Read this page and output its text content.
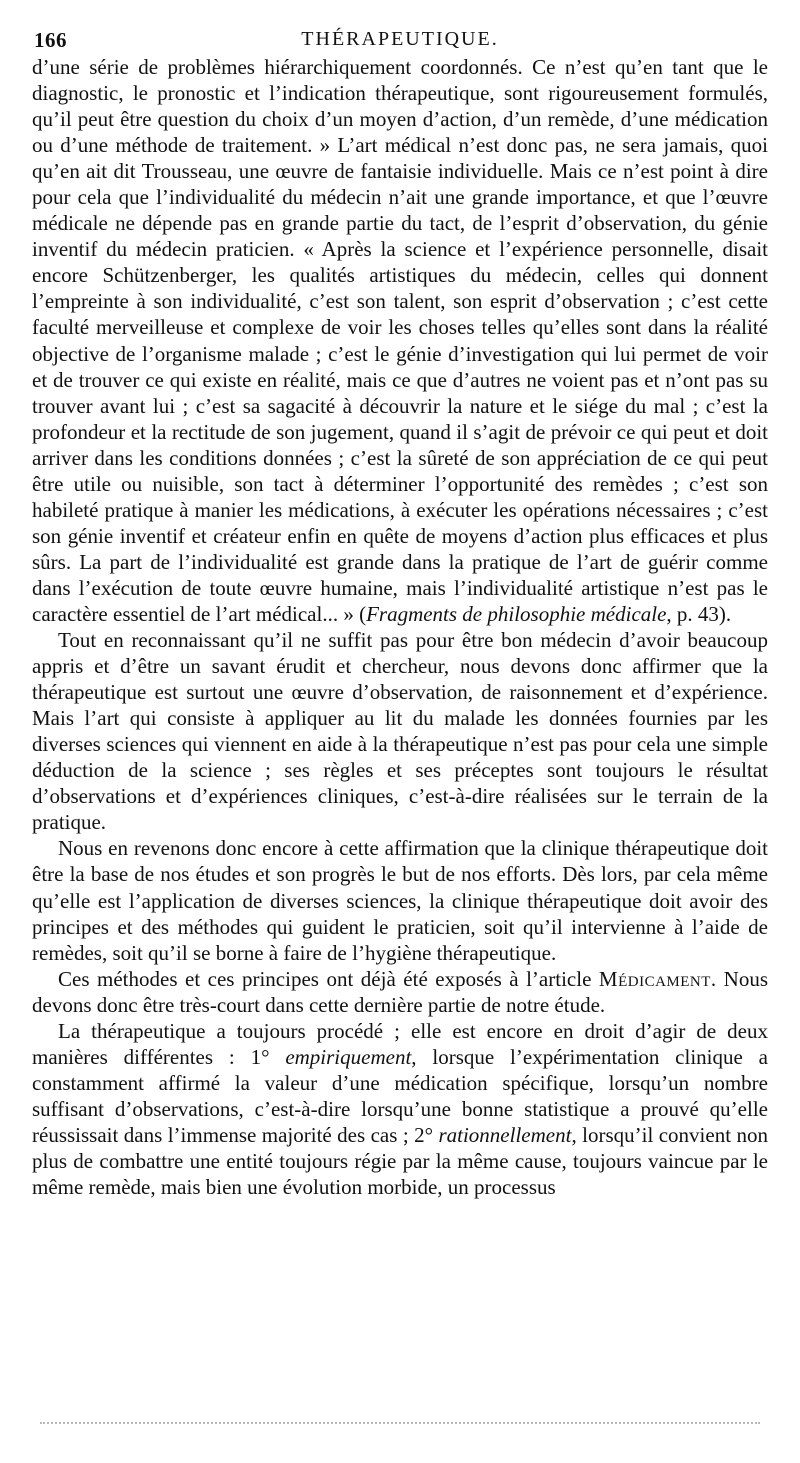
166	THÉRAPEUTIQUE.

d’une série de problèmes hiérarchiquement coordonnés. Ce n’est qu’en tant que le diagnostic, le pronostic et l’indication thérapeutique, sont rigoureusement formulés, qu’il peut être question du choix d’un moyen d’action, d’un remède, d’une médication ou d’une méthode de traitement. » L’art médical n’est donc pas, ne sera jamais, quoi qu’en ait dit Trousseau, une œuvre de fantaisie individuelle. Mais ce n’est point à dire pour cela que l’individualité du médecin n’ait une grande importance, et que l’œuvre médicale ne dépende pas en grande partie du tact, de l’esprit d’observation, du génie inventif du médecin praticien. « Après la science et l’expérience personnelle, disait encore Schützenberger, les qualités artistiques du médecin, celles qui donnent l’empreinte à son individualité, c’est son talent, son esprit d’observation ; c’est cette faculté merveilleuse et complexe de voir les choses telles qu’elles sont dans la réalité objective de l’organisme malade ; c’est le génie d’investigation qui lui permet de voir et de trouver ce qui existe en réalité, mais ce que d’autres ne voient pas et n’ont pas su trouver avant lui ; c’est sa sagacité à découvrir la nature et le siége du mal ; c’est la profondeur et la rectitude de son jugement, quand il s’agit de prévoir ce qui peut et doit arriver dans les conditions données ; c’est la sûreté de son appréciation de ce qui peut être utile ou nuisible, son tact à déterminer l’opportunité des remèdes ; c’est son habileté pratique à manier les médications, à exécuter les opérations nécessaires ; c’est son génie inventif et créateur enfin en quête de moyens d’action plus efficaces et plus sûrs. La part de l’individualité est grande dans la pratique de l’art de guérir comme dans l’exécution de toute œuvre humaine, mais l’individualité artistique n’est pas le caractère essentiel de l’art médical... » (Fragments de philosophie médicale, p. 43).

Tout en reconnaissant qu’il ne suffit pas pour être bon médecin d’avoir beaucoup appris et d’être un savant érudit et chercheur, nous devons donc affirmer que la thérapeutique est surtout une œuvre d’observation, de raisonnement et d’expérience. Mais l’art qui consiste à appliquer au lit du malade les données fournies par les diverses sciences qui viennent en aide à la thérapeutique n’est pas pour cela une simple déduction de la science ; ses règles et ses préceptes sont toujours le résultat d’observations et d’expériences cliniques, c’est-à-dire réalisées sur le terrain de la pratique.

Nous en revenons donc encore à cette affirmation que la clinique thérapeutique doit être la base de nos études et son progrès le but de nos efforts. Dès lors, par cela même qu’elle est l’application de diverses sciences, la clinique thérapeutique doit avoir des principes et des méthodes qui guident le praticien, soit qu’il intervienne à l’aide de remèdes, soit qu’il se borne à faire de l’hygiène thérapeutique.

Ces méthodes et ces principes ont déjà été exposés à l’article Médicament. Nous devons donc être très-court dans cette dernière partie de notre étude.

La thérapeutique a toujours procédé ; elle est encore en droit d’agir de deux manières différentes : 1° empiriquement, lorsque l’expérimentation clinique a constamment affirmé la valeur d’une médication spécifique, lorsqu’un nombre suffisant d’observations, c’est-à-dire lorsqu’une bonne statistique a prouvé qu’elle réussissait dans l’immense majorité des cas ; 2° rationnellement, lorsqu’il convient non plus de combattre une entité toujours régie par la même cause, toujours vaincue par le même remède, mais bien une évolution morbide, un processus
